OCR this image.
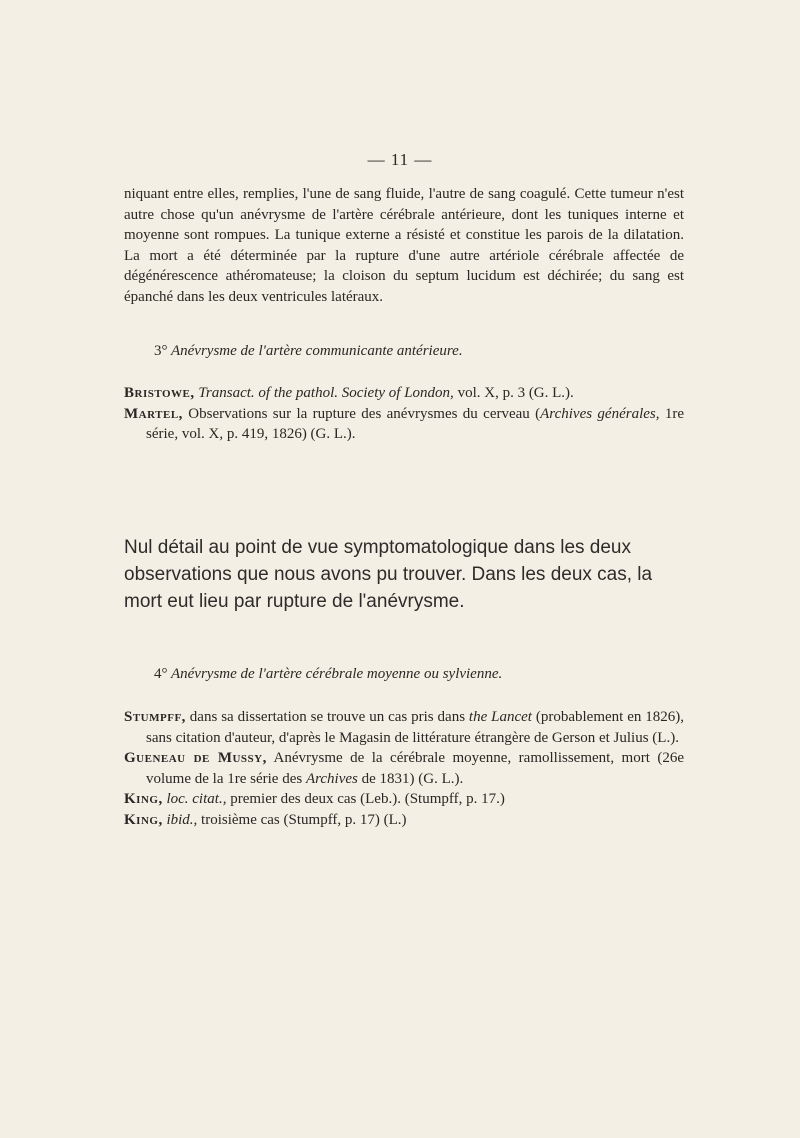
— 11 —
niquant entre elles, remplies, l'une de sang fluide, l'autre de sang coagulé. Cette tumeur n'est autre chose qu'un anévrysme de l'artère cérébrale antérieure, dont les tuniques interne et moyenne sont rompues. La tunique externe a résisté et constitue les parois de la dilatation. La mort a été déterminée par la rupture d'une autre artériole cérébrale affectée de dégénérescence athéromateuse; la cloison du septum lucidum est déchirée; du sang est épanché dans les deux ventricules latéraux.
3° Anévrysme de l'artère communicante antérieure.

Bristowe, Transact. of the pathol. Society of London, vol. X, p. 3 (G. L.).

Martel, Observations sur la rupture des anévrysmes du cerveau (Archives générales, 1re série, vol. X, p. 419, 1826) (G. L.).

Nul détail au point de vue symptomatologique dans les deux observations que nous avons pu trouver. Dans les deux cas, la mort eut lieu par rupture de l'anévrysme.
4° Anévrysme de l'artère cérébrale moyenne ou sylvienne.

Stumpff, dans sa dissertation se trouve un cas pris dans the Lancet (probablement en 1826), sans citation d'auteur, d'après le Magasin de littérature étrangère de Gerson et Julius (L.).

Gueneau de Mussy, Anévrysme de la cérébrale moyenne, ramollissement, mort (26e volume de la 1re série des Archives de 1831) (G. L.).

King, loc. citat., premier des deux cas (Leb.). (Stumpff, p. 17.)

King, ibid., troisième cas (Stumpff, p. 17) (L.)
